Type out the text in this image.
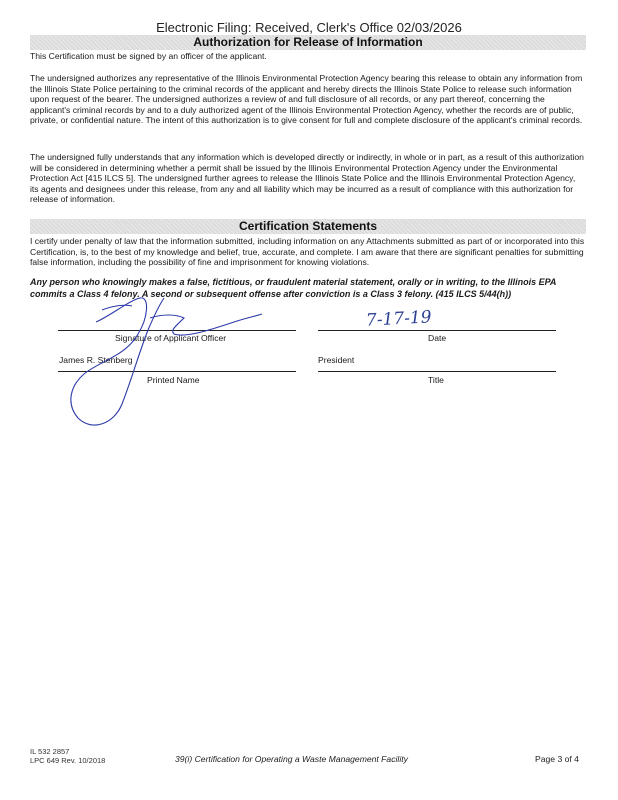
Electronic Filing: Received, Clerk's Office 02/03/2026
Authorization for Release of Information
This Certification must be signed by an officer of the applicant.
The undersigned authorizes any representative of the Illinois Environmental Protection Agency bearing this release to obtain any information from the Illinois State Police pertaining to the criminal records of the applicant and hereby directs the Illinois State Police to release such information upon request of the bearer. The undersigned authorizes a review of and full disclosure of all records, or any part thereof, concerning the applicant's criminal records by and to a duly authorized agent of the Illinois Environmental Protection Agency, whether the records are of public, private, or confidential nature. The intent of this authorization is to give consent for full and complete disclosure of the applicant's criminal records.
The undersigned fully understands that any information which is developed directly or indirectly, in whole or in part, as a result of this authorization will be considered in determining whether a permit shall be issued by the Illinois Environmental Protection Agency under the Environmental Protection Act [415 ILCS 5]. The undersigned further agrees to release the Illinois State Police and the Illinois Environmental Protection Agency, its agents and designees under this release, from any and all liability which may be incurred as a result of compliance with this authorization for release of information.
Certification Statements
I certify under penalty of law that the information submitted, including information on any Attachments submitted as part of or incorporated into this Certification, is, to the best of my knowledge and belief, true, accurate, and complete. I am aware that there are significant penalties for submitting false information, including the possibility of fine and imprisonment for knowing violations.
Any person who knowingly makes a false, fictitious, or fraudulent material statement, orally or in writing, to the Illinois EPA commits a Class 4 felony. A second or subsequent offense after conviction is a Class 3 felony. (415 ILCS 5/44(h))
Signature of Applicant Officer
7-17-19
Date
James R. Stenberg
Printed Name
President
Title
IL 532 2857
LPC 649 Rev. 10/2018	39(i) Certification for Operating a Waste Management Facility	Page 3 of 4
